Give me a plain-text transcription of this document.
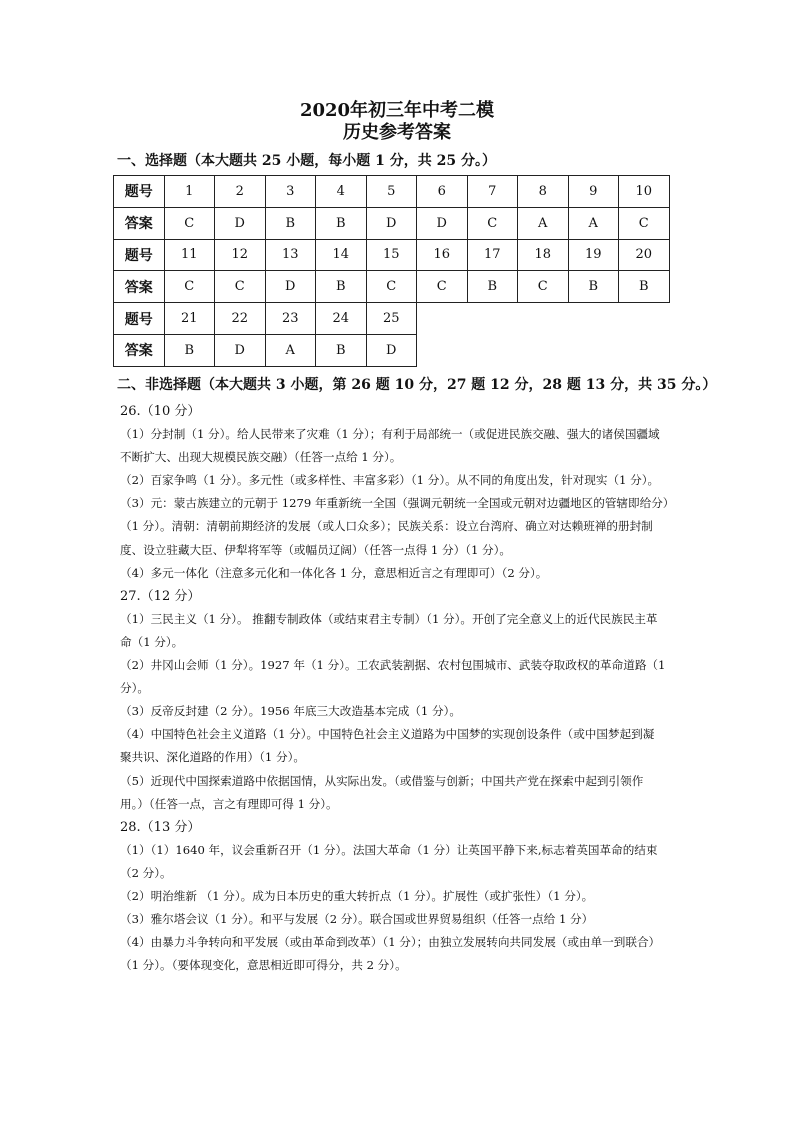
2020年初三年中考二模
历史参考答案
一、选择题（本大题共 25 小题，每小题 1 分，共 25 分。）
题号	1	2	3	4	5	6	7	8	9	10
答案	C	D	B	B	D	D	C	A	A	C
题号	11	12	13	14	15	16	17	18	19	20
答案	C	C	D	B	C	C	B	C	B	B
题号	21	22	23	24	25					
答案	B	D	A	B	D					
二、非选择题（本大题共 3 小题，第 26 题 10 分，27 题 12 分，28 题 13 分，共 35 分。）

26.（10 分）

（1）分封制（1 分）。给人民带来了灾难（1 分）；有利于局部统一（或促进民族交融、强大的诸侯国疆域

不断扩大、出现大规模民族交融）（任答一点给 1 分）。

（2）百家争鸣（1 分）。多元性（或多样性、丰富多彩）（1 分）。从不同的角度出发，针对现实（1 分）。

（3）元：蒙古族建立的元朝于 1279 年重新统一全国（强调元朝统一全国或元朝对边疆地区的管辖即给分）

（1 分）。清朝：清朝前期经济的发展（或人口众多）；民族关系：设立台湾府、确立对达赖班禅的册封制

度、设立驻藏大臣、伊犁将军等（或幅员辽阔）（任答一点得 1 分）（1 分）。

（4）多元一体化（注意多元化和一体化各 1 分，意思相近言之有理即可）（2 分）。

27.（12 分）

（1）三民主义（1 分）。 推翻专制政体（或结束君主专制）（1 分）。开创了完全意义上的近代民族民主革

命（1 分）。

（2）井冈山会师（1 分）。1927 年（1 分）。工农武装割据、农村包围城市、武装夺取政权的革命道路（1

分）。

（3）反帝反封建（2 分）。1956 年底三大改造基本完成（1 分）。

（4）中国特色社会主义道路（1 分）。中国特色社会主义道路为中国梦的实现创设条件（或中国梦起到凝

聚共识、深化道路的作用）（1 分）。

（5）近现代中国探索道路中依据国情，从实际出发。（或借鉴与创新；中国共产党在探索中起到引领作

用。）（任答一点，言之有理即可得 1 分）。

28.（13 分）

（1）（1）1640 年，议会重新召开（1 分）。法国大革命（1 分）让英国平静下来,标志着英国革命的结束

（2 分）。

（2）明治维新 （1 分）。成为日本历史的重大转折点（1 分）。扩展性（或扩张性）（1 分）。

（3）雅尔塔会议（1 分）。和平与发展（2 分）。联合国或世界贸易组织（任答一点给 1 分）

（4）由暴力斗争转向和平发展（或由革命到改革）（1 分）；由独立发展转向共同发展（或由单一到联合）

（1 分）。（要体现变化，意思相近即可得分，共 2 分）。
